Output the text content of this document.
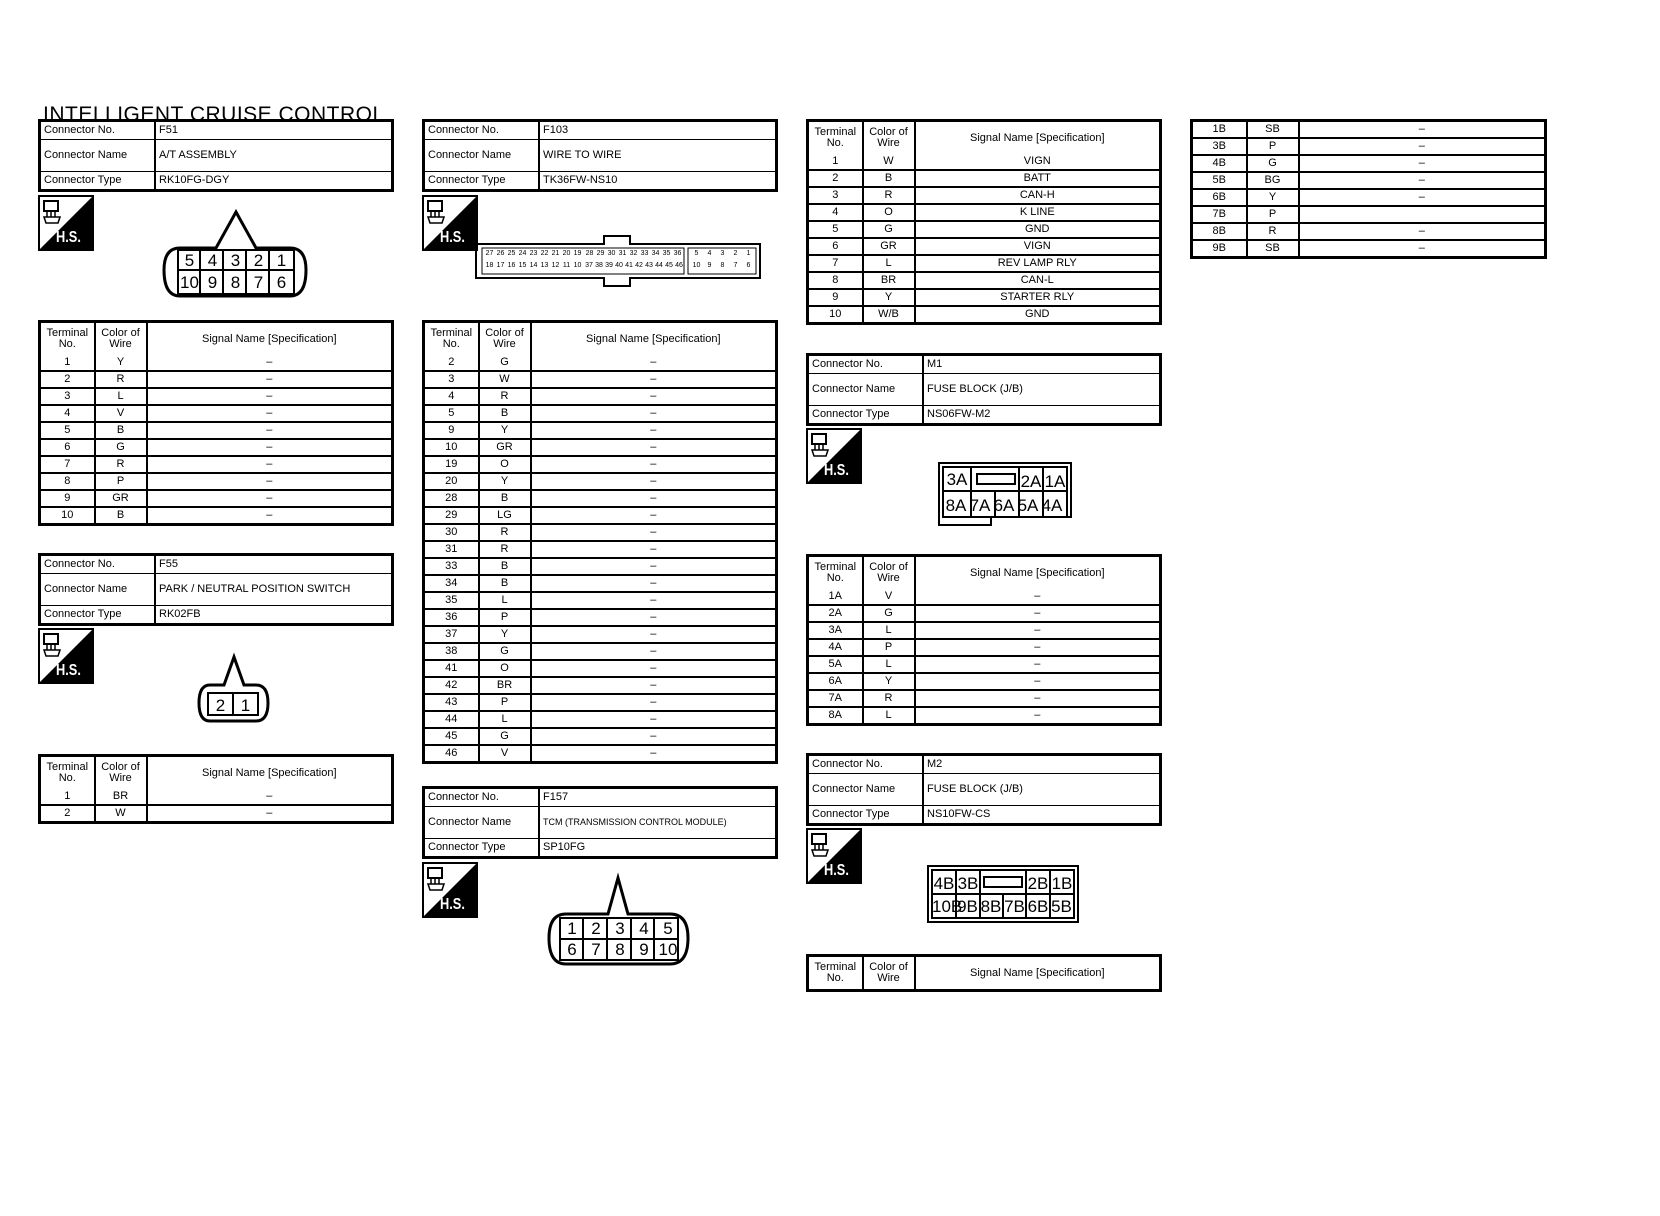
INTELLIGENT CRUISE CONTROL
Connector No.	F51
Connector Name	A/T ASSEMBLY
Connector Type	RK10FG-DGY
H.S.
5 4 3 2 1
10 9 8 7 6
Terminal No.	Color of Wire	Signal Name [Specification]
1	Y	–
2	R	–
3	L	–
4	V	–
5	B	–
6	G	–
7	R	–
8	P	–
9	GR	–
10	B	–
Connector No.	F55
Connector Name	PARK / NEUTRAL POSITION SWITCH
Connector Type	RK02FB
H.S.
2 1
Terminal No.	Color of Wire	Signal Name [Specification]
1	BR	–
2	W	–
Connector No.	F103
Connector Name	WIRE TO WIRE
Connector Type	TK36FW-NS10
H.S.
27 26 25 24 23 22 21 20 19
18 17 16 15 14 13 12 11 10
28 29 30 31 32 33 34 35 36
37 38 39 40 41 42 43 44 45 46
5	4	3	2	1
10	9	8	7	6
Terminal No.	Color of Wire	Signal Name [Specification]
2	G	–
3	W	–
4	R	–
5	B	–
9	Y	–
10	GR	–
19	O	–
20	Y	–
28	B	–
29	LG	–
30	R	–
31	R	–
33	B	–
34	B	–
35	L	–
36	P	–
37	Y	–
38	G	–
41	O	–
42	BR	–
43	P	–
44	L	–
45	G	–
46	V	–
Connector No.	F157
Connector Name	TCM (TRANSMISSION CONTROL MODULE)
Connector Type	SP10FG
H.S.
1 2 3 4 5
6 7 8 9 10
Terminal No.	Color of Wire	Signal Name [Specification]
1	W	VIGN
2	B	BATT
3	R	CAN-H
4	O	K LINE
5	G	GND
6	GR	VIGN
7	L	REV LAMP RLY
8	BR	CAN-L
9	Y	STARTER RLY
10	W/B	GND
Connector No.	M1
Connector Name	FUSE BLOCK (J/B)
Connector Type	NS06FW-M2
H.S.	3A	2A 1A
8A 7A 6A 5A 4A
Terminal No.	Color of Wire	Signal Name [Specification]
1A	V	–
2A	G	–
3A	L	–
4A	P	–
5A	L	–
6A	Y	–
7A	R	–
8A	L	–
Connector No.	M2
Connector Name	FUSE BLOCK (J/B)
Connector Type	NS10FW-CS
H.S.
4B 3B	2B 1B
10B
9B 8B 7B 6B 5B
Terminal No.	Color of Wire	Signal Name [Specification]
1B	SB	–
3B	P	–
4B	G	–
5B	BG	–
6B	Y	–
7B	P	
8B	R	–
9B	SB	–
